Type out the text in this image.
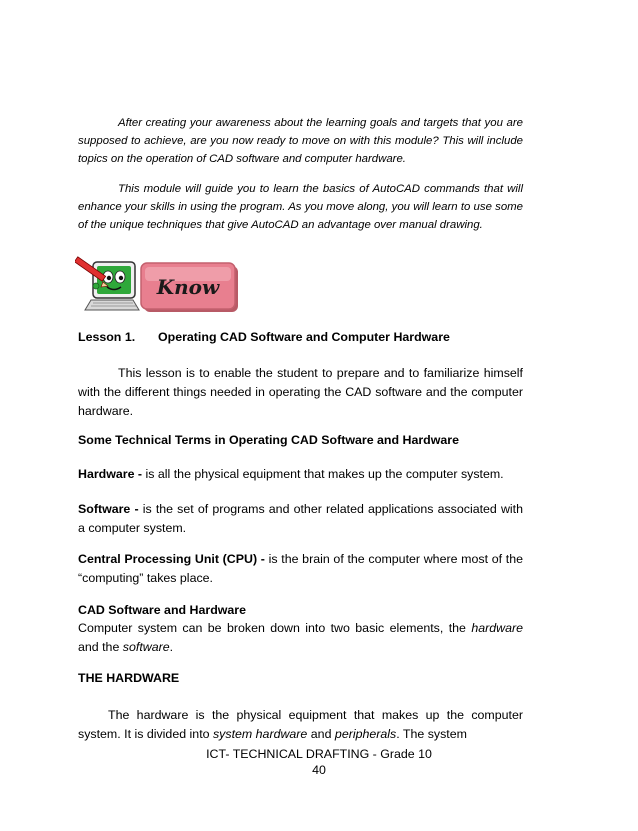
After creating your awareness about the learning goals and targets that you are supposed to achieve, are you now ready to move on with this module? This will include topics on the operation of CAD software and computer hardware.

This module will guide you to learn the basics of AutoCAD commands that will enhance your skills in using the program. As you move along, you will learn to use some of the unique techniques that give AutoCAD an advantage over manual drawing.

Know
Lesson 1. Operating CAD Software and Computer Hardware

This lesson is to enable the student to prepare and to familiarize himself with the different things needed in operating the CAD software and the computer hardware.

Some Technical Terms in Operating CAD Software and Hardware

Hardware - is all the physical equipment that makes up the computer system.

Software - is the set of programs and other related applications associated with a computer system.

Central Processing Unit (CPU) - is the brain of the computer where most of the “computing” takes place.

CAD Software and Hardware

Computer system can be broken down into two basic elements, the hardware and the software.

THE HARDWARE

The hardware is the physical equipment that makes up the computer system. It is divided into system hardware and peripherals. The system

ICT- TECHNICAL DRAFTING - Grade 10
40
